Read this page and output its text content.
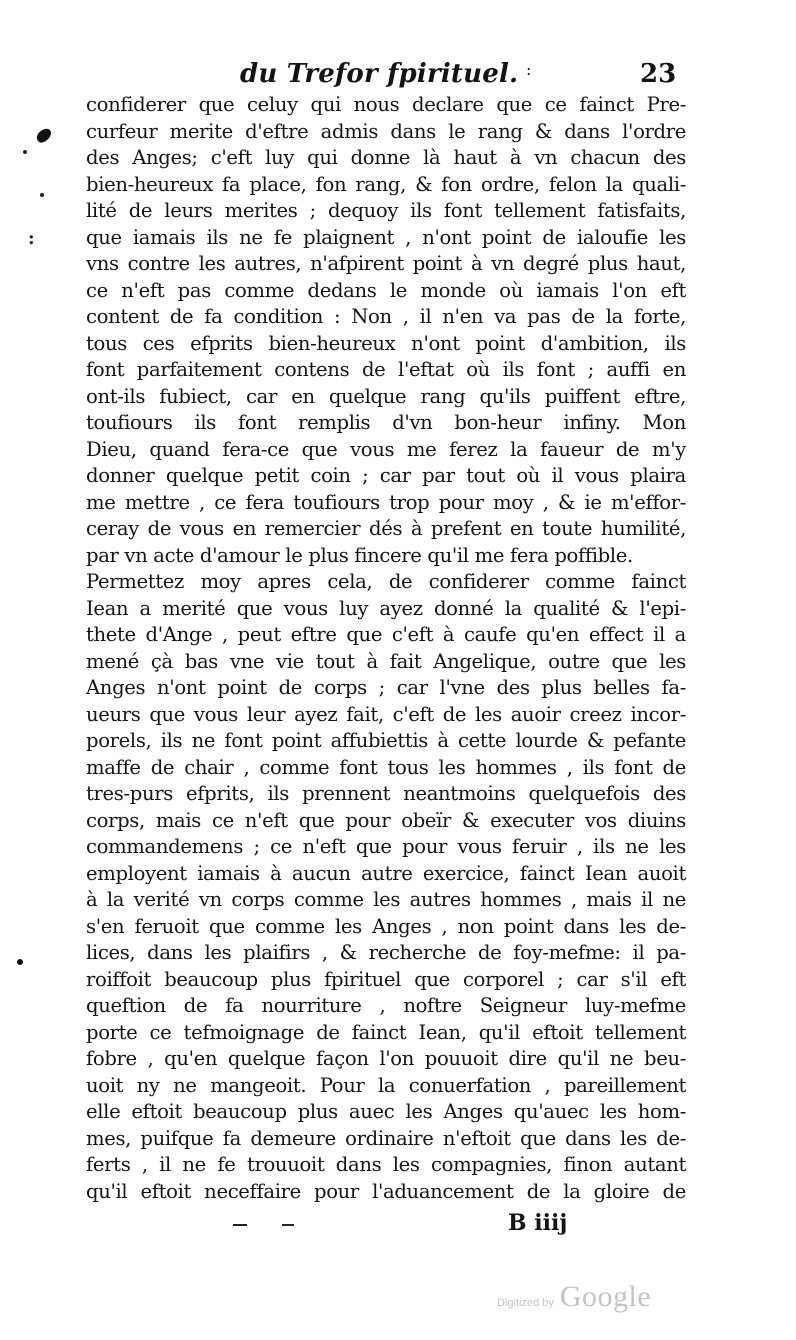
du Trefor fpirituel. :	23
:
confiderer que celuy qui nous declare que ce fainct Pre-
curfeur merite d'eftre admis dans le rang & dans l'ordre
des Anges; c'eft luy qui donne là haut à vn chacun des
bien-heureux fa place, fon rang, & fon ordre, felon la quali-
lité de leurs merites ; dequoy ils font tellement fatisfaits,
que iamais ils ne fe plaignent , n'ont point de ialoufie les
vns contre les autres, n'afpirent point à vn degré plus haut,
ce n'eft pas comme dedans le monde où iamais l'on eft
content de fa condition : Non , il n'en va pas de la forte,
tous ces efprits bien-heureux n'ont point d'ambition, ils
font parfaitement contens de l'eftat où ils font ; auffi en
ont-ils fubiect, car en quelque rang qu'ils puiffent eftre,
toufiours ils font remplis d'vn bon-heur infiny. Mon
Dieu, quand fera-ce que vous me ferez la faueur de m'y
donner quelque petit coin ; car par tout où il vous plaira
me mettre , ce fera toufiours trop pour moy , & ie m'effor-
ceray de vous en remercier dés à prefent en toute humilité,
par vn acte d'amour le plus fincere qu'il me fera poffible.
Permettez moy apres cela, de confiderer comme fainct
Iean a merité que vous luy ayez donné la qualité & l'epi-
thete d'Ange , peut eftre que c'eft à caufe qu'en effect il a
mené çà bas vne vie tout à fait Angelique, outre que les
Anges n'ont point de corps ; car l'vne des plus belles fa-
ueurs que vous leur ayez fait, c'eft de les auoir creez incor-
porels, ils ne font point affubiettis à cette lourde & pefante
maffe de chair , comme font tous les hommes , ils font de
tres-purs efprits, ils prennent neantmoins quelquefois des
corps, mais ce n'eft que pour obeïr & executer vos diuins
commandemens ; ce n'eft que pour vous feruir , ils ne les
employent iamais à aucun autre exercice, fainct Iean auoit
à la verité vn corps comme les autres hommes , mais il ne
s'en feruoit que comme les Anges , non point dans les de-
lices, dans les plaifirs , & recherche de foy-mefme: il pa-
roiffoit beaucoup plus fpirituel que corporel ; car s'il eft
queftion de fa nourriture , noftre Seigneur luy-mefme
porte ce tefmoignage de fainct Iean, qu'il eftoit tellement
fobre , qu'en quelque façon l'on pouuoit dire qu'il ne beu-
uoit ny ne mangeoit. Pour la conuerfation , pareillement
elle eftoit beaucoup plus auec les Anges qu'auec les hom-
mes, puifque fa demeure ordinaire n'eftoit que dans les de-
ferts , il ne fe trouuoit dans les compagnies, finon autant
qu'il eftoit neceffaire pour l'aduancement de la gloire de
B iiij
Digitized by Google
